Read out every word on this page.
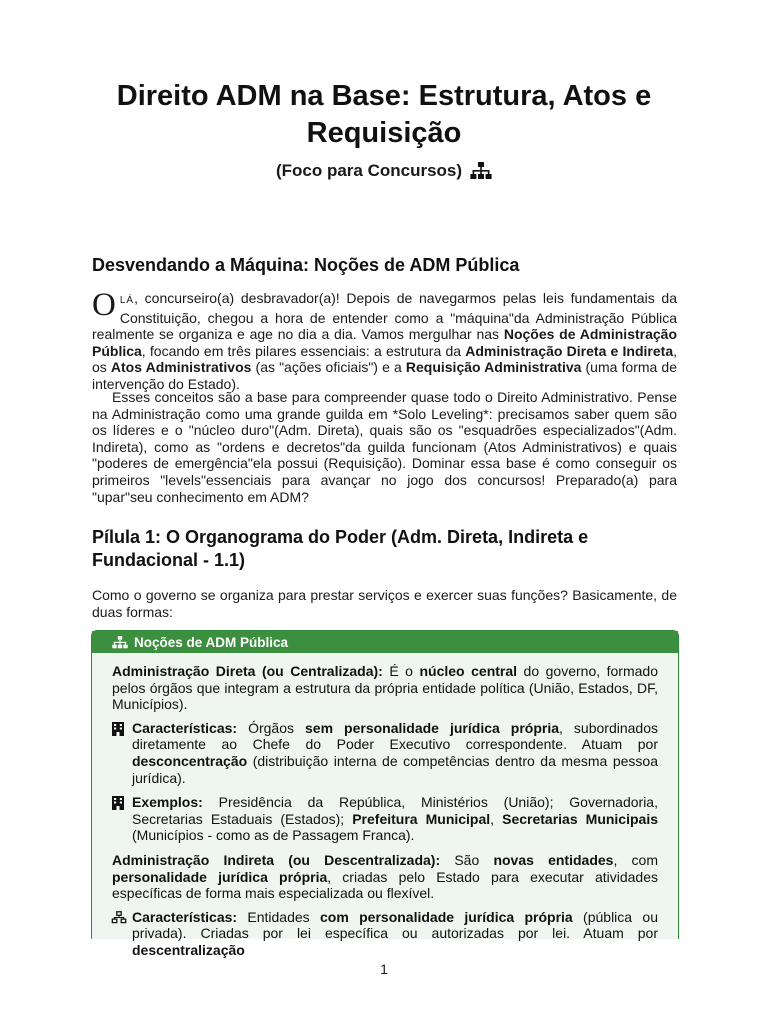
Direito ADM na Base: Estrutura, Atos e Requisição
(Foco para Concursos)
Desvendando a Máquina: Noções de ADM Pública

OLÁ, concurseiro(a) desbravador(a)! Depois de navegarmos pelas leis fundamentais da Constituição, chegou a hora de entender como a "máquina"da Administração Pública realmente se organiza e age no dia a dia. Vamos mergulhar nas Noções de Administração Pública, focando em três pilares essenciais: a estrutura da Administração Direta e Indireta, os Atos Administrativos (as "ações oficiais") e a Requisição Administrativa (uma forma de intervenção do Estado).

Esses conceitos são a base para compreender quase todo o Direito Administrativo. Pense na Administração como uma grande guilda em *Solo Leveling*: precisamos saber quem são os líderes e o "núcleo duro"(Adm. Direta), quais são os "esquadrões especializados"(Adm. Indireta), como as "ordens e decretos"da guilda funcionam (Atos Administrativos) e quais "poderes de emergência"ela possui (Requisição). Dominar essa base é como conseguir os primeiros "levels"essenciais para avançar no jogo dos concursos! Preparado(a) para "upar"seu conhecimento em ADM?

Pílula 1: O Organograma do Poder (Adm. Direta, Indireta e Fundacional - 1.1)

Como o governo se organiza para prestar serviços e exercer suas funções? Basicamente, de duas formas:

Noções de ADM Pública

Administração Direta (ou Centralizada): É o núcleo central do governo, formado pelos órgãos que integram a estrutura da própria entidade política (União, Estados, DF, Municípios).

Características: Órgãos sem personalidade jurídica própria, subordinados diretamente ao Chefe do Poder Executivo correspondente. Atuam por desconcentração (distribuição interna de competências dentro da mesma pessoa jurídica).
Exemplos: Presidência da República, Ministérios (União); Governadoria, Secretarias Estaduais (Estados); Prefeitura Municipal, Secretarias Municipais (Municípios - como as de Passagem Franca).

Administração Indireta (ou Descentralizada): São novas entidades, com personalidade jurídica própria, criadas pelo Estado para executar atividades específicas de forma mais especializada ou flexível.

Características: Entidades com personalidade jurídica própria (pública ou privada). Criadas por lei específica ou autorizadas por lei. Atuam por descentralização
1
